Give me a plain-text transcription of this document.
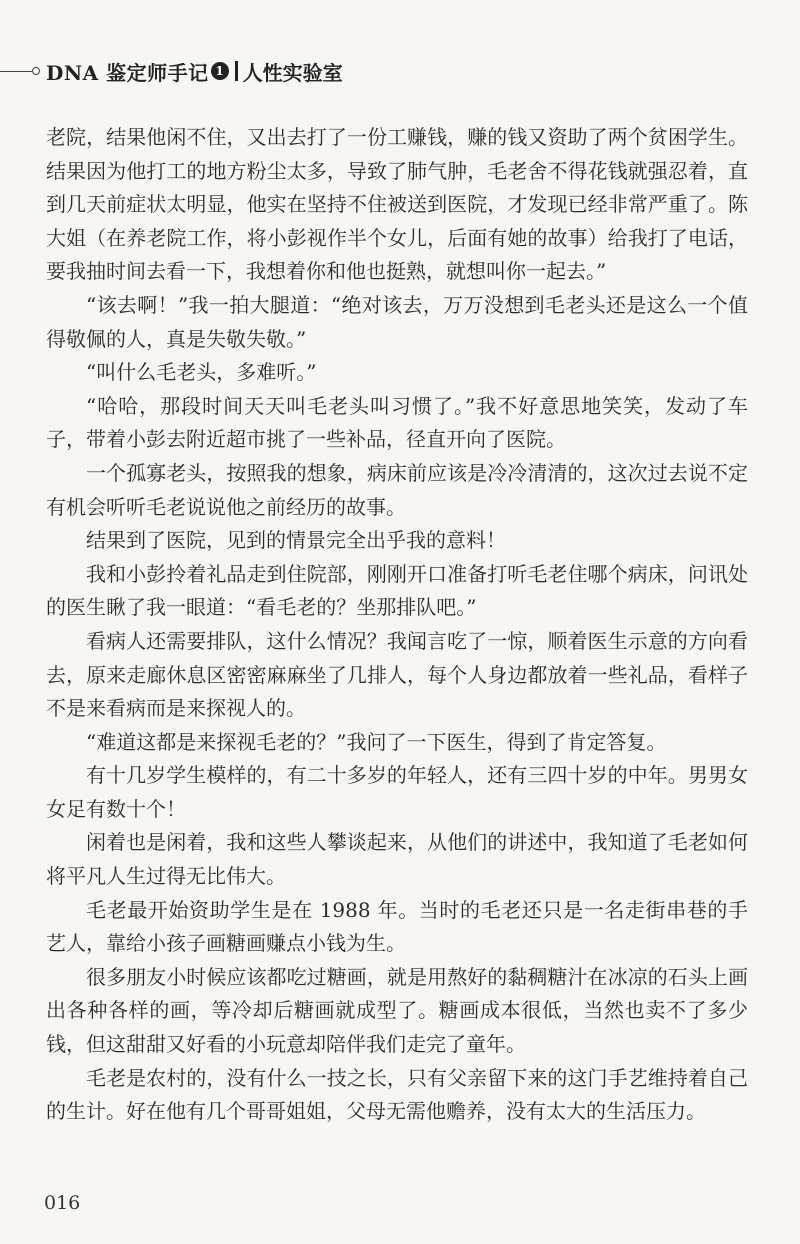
DNA 鉴定师手记 1 人性实验室

老院，结果他闲不住，又出去打了一份工赚钱，赚的钱又资助了两个贫困学生。结果因为他打工的地方粉尘太多，导致了肺气肿，毛老舍不得花钱就强忍着，直到几天前症状太明显，他实在坚持不住被送到医院，才发现已经非常严重了。陈大姐（在养老院工作，将小彭视作半个女儿，后面有她的故事）给我打了电话，要我抽时间去看一下，我想着你和他也挺熟，就想叫你一起去。”

“该去啊！”我一拍大腿道：“绝对该去，万万没想到毛老头还是这么一个值得敬佩的人，真是失敬失敬。”

“叫什么毛老头，多难听。”

“哈哈，那段时间天天叫毛老头叫习惯了。”我不好意思地笑笑，发动了车子，带着小彭去附近超市挑了一些补品，径直开向了医院。

一个孤寡老头，按照我的想象，病床前应该是冷冷清清的，这次过去说不定有机会听听毛老说说他之前经历的故事。

结果到了医院，见到的情景完全出乎我的意料！

我和小彭拎着礼品走到住院部，刚刚开口准备打听毛老住哪个病床，问讯处的医生瞅了我一眼道：“看毛老的？坐那排队吧。”

看病人还需要排队，这什么情况？我闻言吃了一惊，顺着医生示意的方向看去，原来走廊休息区密密麻麻坐了几排人，每个人身边都放着一些礼品，看样子不是来看病而是来探视人的。

“难道这都是来探视毛老的？”我问了一下医生，得到了肯定答复。

有十几岁学生模样的，有二十多岁的年轻人，还有三四十岁的中年。男男女女足有数十个！

闲着也是闲着，我和这些人攀谈起来，从他们的讲述中，我知道了毛老如何将平凡人生过得无比伟大。

毛老最开始资助学生是在 1988 年。当时的毛老还只是一名走街串巷的手艺人，靠给小孩子画糖画赚点小钱为生。

很多朋友小时候应该都吃过糖画，就是用熬好的黏稠糖汁在冰凉的石头上画出各种各样的画，等冷却后糖画就成型了。糖画成本很低，当然也卖不了多少钱，但这甜甜又好看的小玩意却陪伴我们走完了童年。

毛老是农村的，没有什么一技之长，只有父亲留下来的这门手艺维持着自己的生计。好在他有几个哥哥姐姐，父母无需他赡养，没有太大的生活压力。

016
